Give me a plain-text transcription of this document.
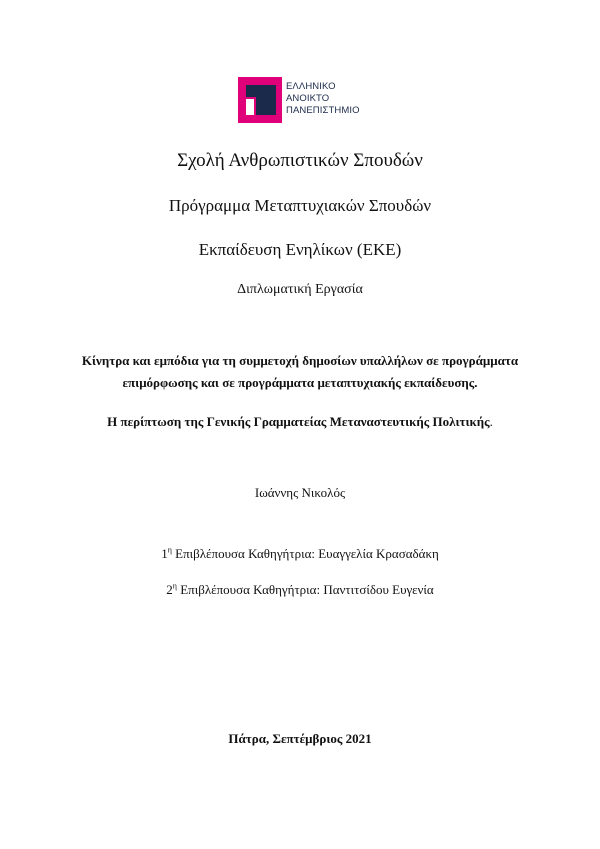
ΕΛΛΗΝΙΚΟ
ΑΝΟΙΚΤΟ
ΠΑΝΕΠΙΣΤΗΜΙΟ
Σχολή Ανθρωπιστικών Σπουδών
Πρόγραμμα Μεταπτυχιακών Σπουδών
Εκπαίδευση Ενηλίκων (ΕΚΕ)
Διπλωματική Εργασία
Κίνητρα και εμπόδια για τη συμμετοχή δημοσίων υπαλλήλων σε προγράμματα
επιμόρφωσης και σε προγράμματα μεταπτυχιακής εκπαίδευσης.
Η περίπτωση της Γενικής Γραμματείας Μεταναστευτικής Πολιτικής.
Ιωάννης Νικολός
$1^\eta$ Επιβλέπουσα Καθηγήτρια: Ευαγγελία Κρασαδάκη
$2^\eta$ Επιβλέπουσα Καθηγήτρια: Παντιτσίδου Ευγενία
Πάτρα, Σεπτέμβριος 2021
